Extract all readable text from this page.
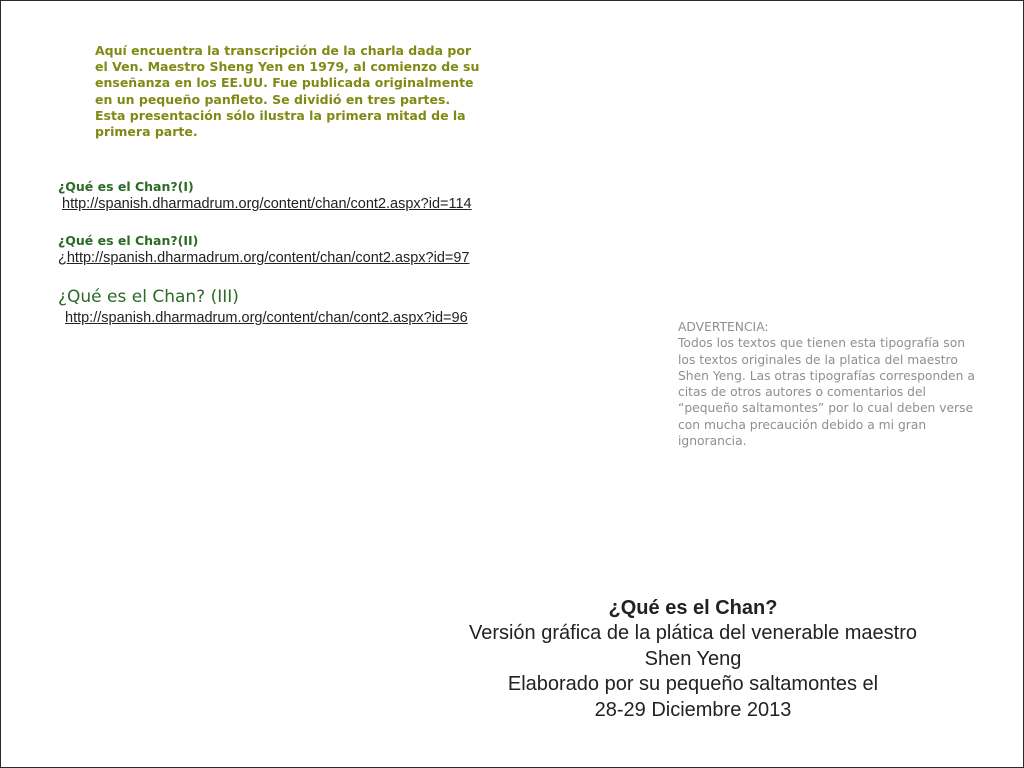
Aquí encuentra la transcripción de la charla dada por
el Ven. Maestro Sheng Yen en 1979, al comienzo de su
enseñanza en los EE.UU. Fue publicada originalmente
en un pequeño panfleto. Se dividió en tres partes.
Esta presentación sólo ilustra la primera mitad de la
primera parte.

¿Qué es el Chan?(I)

http://spanish.dharmadrum.org/content/chan/cont2.aspx?id=114

¿Qué es el Chan?(II)

¿http://spanish.dharmadrum.org/content/chan/cont2.aspx?id=97

¿Qué es el Chan? (III)

http://spanish.dharmadrum.org/content/chan/cont2.aspx?id=96

ADVERTENCIA:
Todos los textos que tienen esta tipografía son
los textos originales de la platica del maestro
Shen Yeng. Las otras tipografías corresponden a
citas de otros autores o comentarios del
“pequeño saltamontes” por lo cual deben verse
con mucha precaución debido a mi gran
ignorancia.

¿Qué es el Chan?
Versión gráfica de la plática del venerable maestro
Shen Yeng
Elaborado por su pequeño saltamontes el
28-29 Diciembre 2013
